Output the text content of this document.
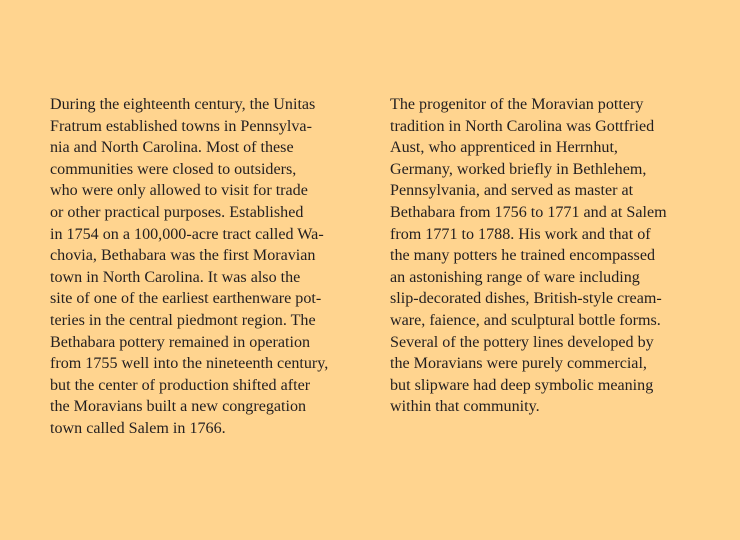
During the eighteenth century, the Unitas
Fratrum established towns in Pennsylva-
nia and North Carolina. Most of these
communities were closed to outsiders,
who were only allowed to visit for trade
or other practical purposes. Established
in 1754 on a 100,000-acre tract called Wa-
chovia, Bethabara was the first Moravian
town in North Carolina. It was also the
site of one of the earliest earthenware pot-
teries in the central piedmont region. The
Bethabara pottery remained in operation
from 1755 well into the nineteenth century,
but the center of production shifted after
the Moravians built a new congregation
town called Salem in 1766.

The progenitor of the Moravian pottery
tradition in North Carolina was Gottfried
Aust, who apprenticed in Herrnhut,
Germany, worked briefly in Bethlehem,
Pennsylvania, and served as master at
Bethabara from 1756 to 1771 and at Salem
from 1771 to 1788. His work and that of
the many potters he trained encompassed
an astonishing range of ware including
slip-decorated dishes, British-style cream-
ware, faience, and sculptural bottle forms.
Several of the pottery lines developed by
the Moravians were purely commercial,
but slipware had deep symbolic meaning
within that community.
